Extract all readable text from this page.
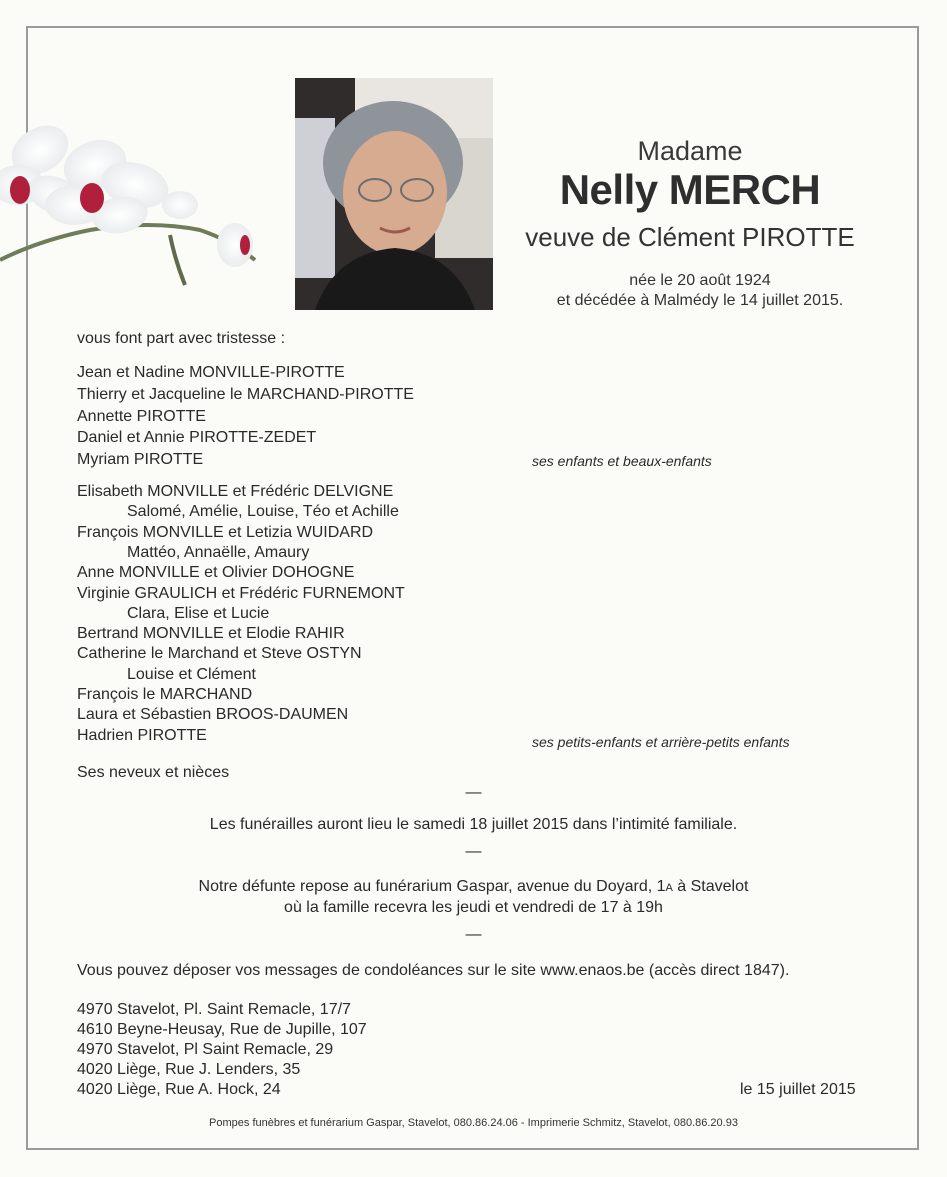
Madame
Nelly MERCH
veuve de Clément PIROTTE
née le 20 août 1924
et décédée à Malmédy le 14 juillet 2015.
vous font part avec tristesse :
Jean et Nadine MONVILLE-PIROTTE
Thierry et Jacqueline le MARCHAND-PIROTTE
Annette PIROTTE
Daniel et Annie PIROTTE-ZEDET
Myriam PIROTTE	ses enfants et beaux-enfants
Elisabeth MONVILLE et Frédéric DELVIGNE
Salomé, Amélie, Louise, Téo et Achille
François MONVILLE et Letizia WUIDARD
Mattéo, Annaëlle, Amaury
Anne MONVILLE et Olivier DOHOGNE
Virginie GRAULICH et Frédéric FURNEMONT
Clara, Elise et Lucie
Bertrand MONVILLE et Elodie RAHIR
Catherine le Marchand et Steve OSTYN
Louise et Clément
François le MARCHAND
Laura et Sébastien BROOS-DAUMEN
Hadrien PIROTTE	ses petits-enfants et arrière-petits enfants
Ses neveux et nièces
—
Les funérailles auront lieu le samedi 18 juillet 2015 dans l’intimité familiale.
—
Notre défunte repose au funérarium Gaspar, avenue du Doyard, 1A à Stavelot
où la famille recevra les jeudi et vendredi de 17 à 19h
—
Vous pouvez déposer vos messages de condoléances sur le site www.enaos.be (accès direct 1847).
4970 Stavelot, Pl. Saint Remacle, 17/7
4610 Beyne-Heusay, Rue de Jupille, 107
4970 Stavelot, Pl Saint Remacle, 29
4020 Liège, Rue J. Lenders, 35
4020 Liège, Rue A. Hock, 24	le 15 juillet 2015
Pompes funèbres et funérarium Gaspar, Stavelot, 080.86.24.06 - Imprimerie Schmitz, Stavelot, 080.86.20.93
